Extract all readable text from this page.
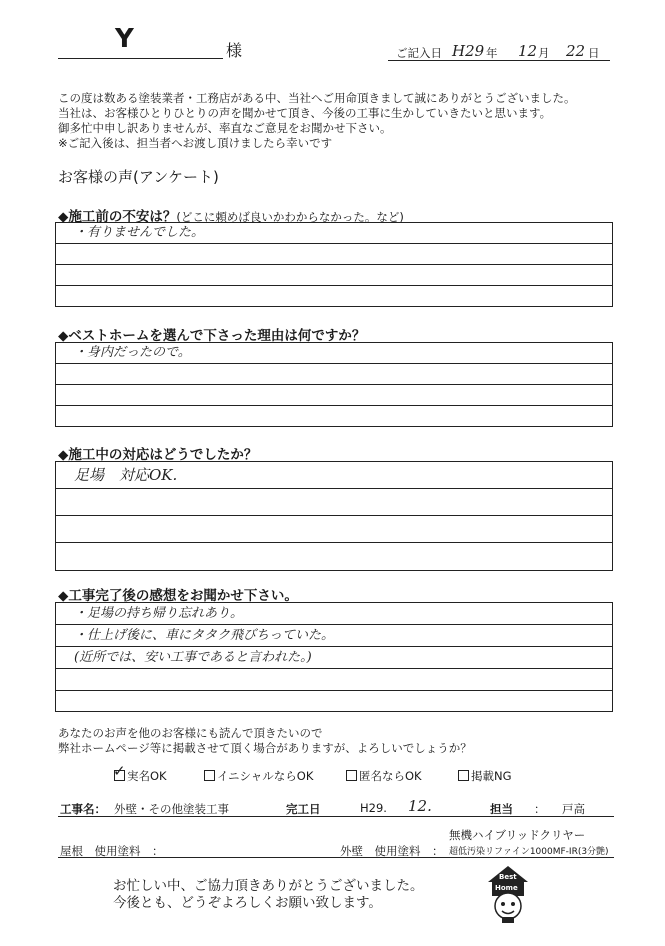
Y	様	ご記入日 H29 年 12 月 22 日
この度は数ある塗装業者・工務店がある中、当社へご用命頂きまして誠にありがとうございました。
当社は、お客様ひとりひとりの声を聞かせて頂き、今後の工事に生かしていきたいと思います。
御多忙中申し訳ありませんが、率直なご意見をお聞かせ下さい。
※ご記入後は、担当者へお渡し頂けましたら幸いです
お客様の声(アンケート)
◆施工前の不安は？(どこに頼めば良いかわからなかった。など)
・有りませんでした。
◆ベストホームを選んで下さった理由は何ですか？
・身内だったので。
◆施工中の対応はどうでしたか？
足場　対応OK.
◆工事完了後の感想をお聞かせ下さい。
・足場の持ち帰り忘れあり。
・仕上げ後に、車にタタク飛びちっていた。
(近所では、安い工事であると言われた。)
あなたのお声を他のお客様にも読んで頂きたいので
弊社ホームページ等に掲載させて頂く場合がありますが、よろしいでしょうか？
✓ 実名OK	イニシャルならOK	匿名ならOK	掲載NG
工事名： 外壁・その他塗装工事	完工日	H29. 12.	担当 ： 戸高
屋根　使用塗料　：	外壁　使用塗料　：
無機ハイブリッドクリヤー
超低汚染リファイン1000MF-IR(3分艶)
お忙しい中、ご協力頂きありがとうございました。
今後とも、どうぞよろしくお願い致します。
Best
Home
